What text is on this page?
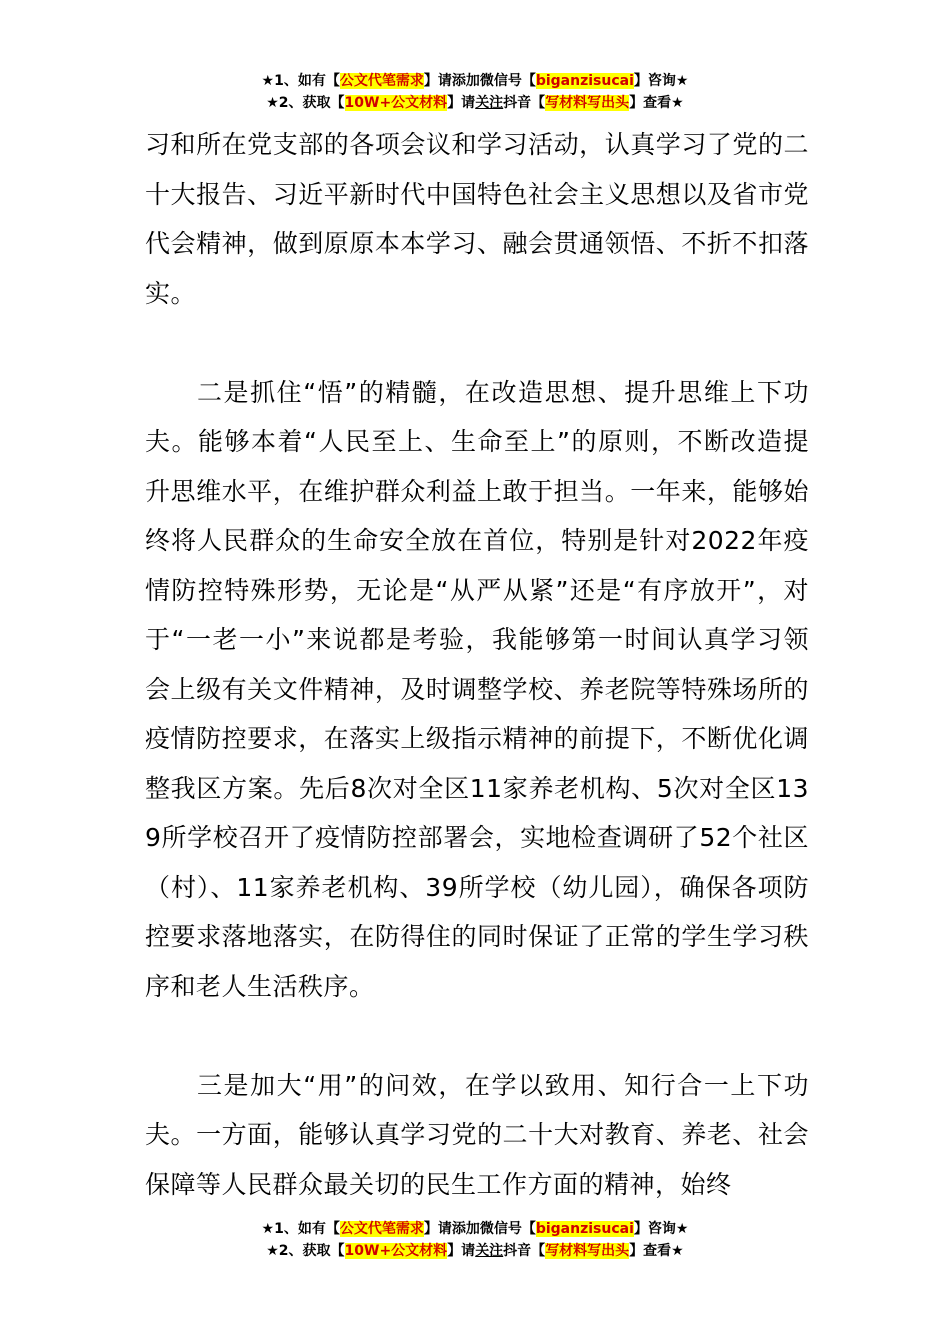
★1、如有【公文代笔需求】请添加微信号【biganzisucai】咨询★
★2、获取【10W+公文材料】请关注抖音【写材料写出头】查看★

习和所在党支部的各项会议和学习活动，认真学习了党的二十大报告、习近平新时代中国特色社会主义思想以及省市党代会精神，做到原原本本学习、融会贯通领悟、不折不扣落实。

二是抓住“悟”的精髓，在改造思想、提升思维上下功夫。能够本着“人民至上、生命至上”的原则，不断改造提升思维水平，在维护群众利益上敢于担当。一年来，能够始终将人民群众的生命安全放在首位，特别是针对2022年疫情防控特殊形势，无论是“从严从紧”还是“有序放开”，对于“一老一小”来说都是考验，我能够第一时间认真学习领会上级有关文件精神，及时调整学校、养老院等特殊场所的疫情防控要求，在落实上级指示精神的前提下，不断优化调整我区方案。先后8次对全区11家养老机构、5次对全区139所学校召开了疫情防控部署会，实地检查调研了52个社区（村）、11家养老机构、39所学校（幼儿园），确保各项防控要求落地落实，在防得住的同时保证了正常的学生学习秩序和老人生活秩序。

三是加大“用”的问效，在学以致用、知行合一上下功夫。一方面，能够认真学习党的二十大对教育、养老、社会保障等人民群众最关切的民生工作方面的精神，始终

★1、如有【公文代笔需求】请添加微信号【biganzisucai】咨询★
★2、获取【10W+公文材料】请关注抖音【写材料写出头】查看★
